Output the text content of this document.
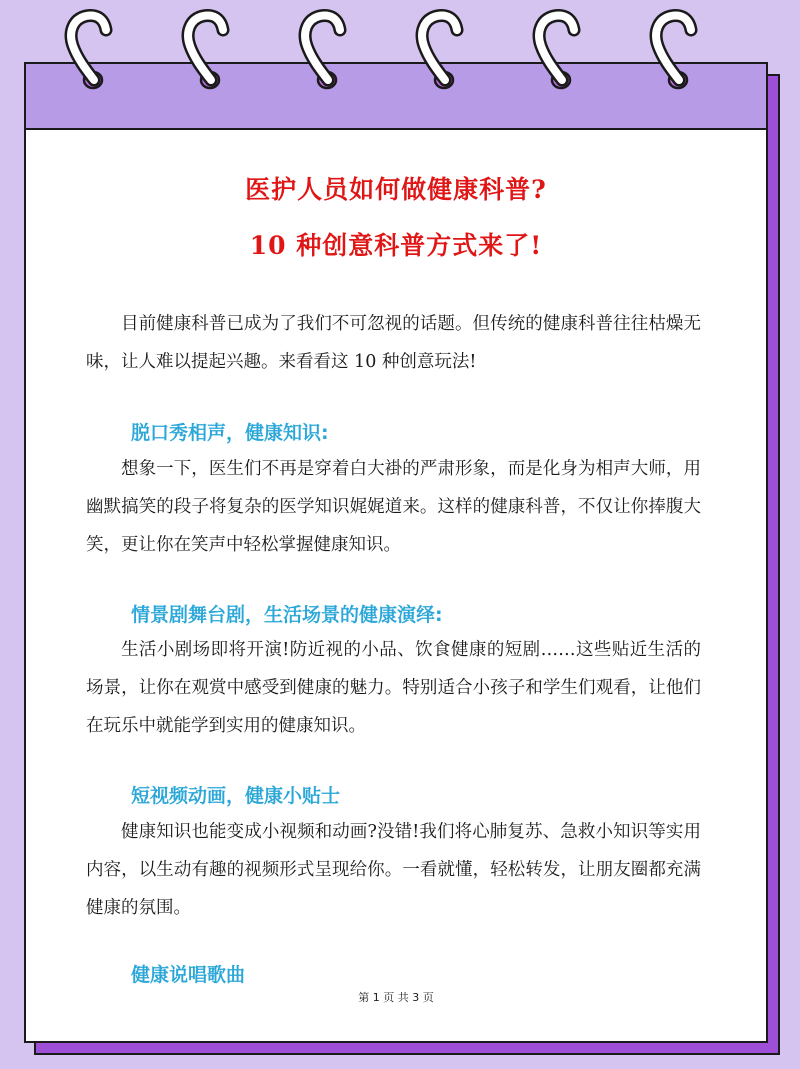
医护人员如何做健康科普?
10 种创意科普方式来了!

目前健康科普已成为了我们不可忽视的话题。但传统的健康科普往往枯燥无味，让人难以提起兴趣。来看看这 10 种创意玩法!

脱口秀相声，健康知识:

想象一下，医生们不再是穿着白大褂的严肃形象，而是化身为相声大师，用幽默搞笑的段子将复杂的医学知识娓娓道来。这样的健康科普，不仅让你捧腹大笑，更让你在笑声中轻松掌握健康知识。

情景剧舞台剧，生活场景的健康演绎:

生活小剧场即将开演!防近视的小品、饮食健康的短剧……这些贴近生活的场景，让你在观赏中感受到健康的魅力。特别适合小孩子和学生们观看，让他们在玩乐中就能学到实用的健康知识。

短视频动画，健康小贴士

健康知识也能变成小视频和动画?没错!我们将心肺复苏、急救小知识等实用内容，以生动有趣的视频形式呈现给你。一看就懂，轻松转发，让朋友圈都充满健康的氛围。

健康说唱歌曲
第 1 页 共 3 页
